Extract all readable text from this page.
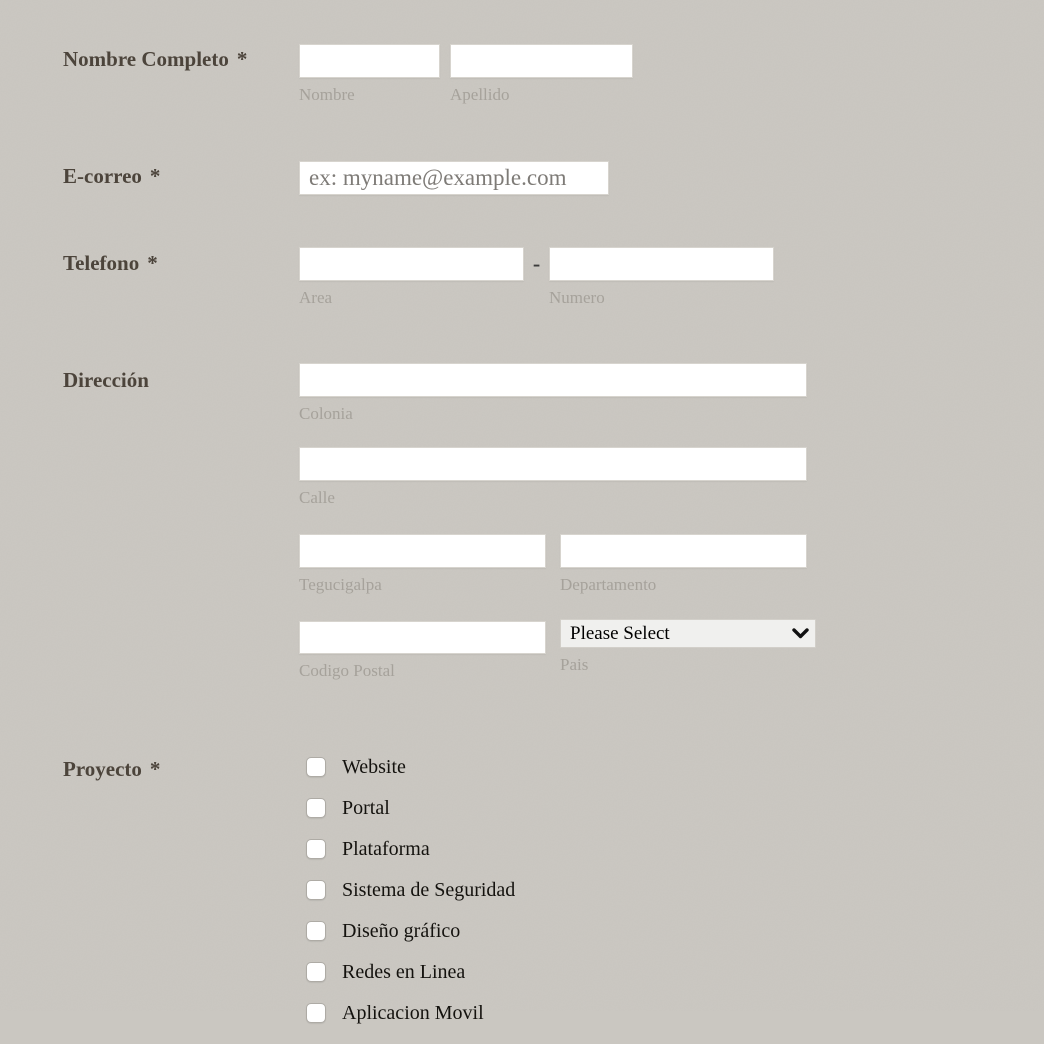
Nombre Completo *
Nombre	Apellido
E-correo *
ex: myname@example.com
Telefono *
Area
-
Numero
Dirección
Colonia
Calle
Tegucigalpa	Departamento
Codigo Postal
Please Select	Pais
Proyecto *	Website
Portal
Plataforma
Sistema de Seguridad
Diseño gráfico
Redes en Linea
Aplicacion Movil
